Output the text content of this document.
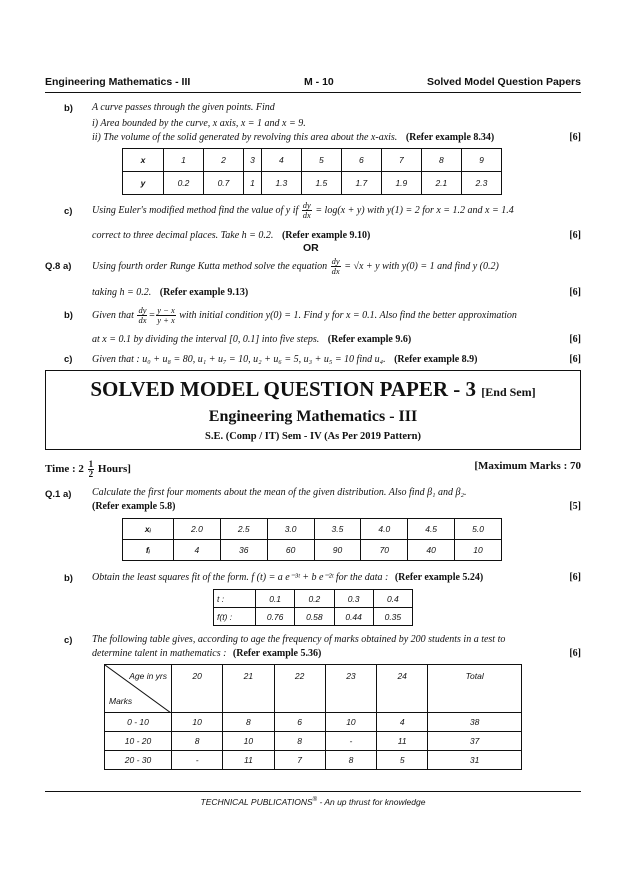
Engineering Mathematics - III	M - 10	Solved Model Question Papers
b) A curve passes through the given points. Find
i) Area bounded by the curve, x axis, x = 1 and x = 9.
ii) The volume of the solid generated by revolving this area about the x-axis. (Refer example 8.34)	[6]
x	1	2	3	4	5	6	7	8	9
y	0.2	0.7	1	1.3	1.5	1.7	1.9	2.1	2.3
c) Using Euler's modified method find the value of y if $\frac{dy}{dx} = \log(x + y)$ with y(1) = 2 for x = 1.2 and x = 1.4
correct to three decimal places. Take h = 0.2. (Refer example 9.10)	[6]
OR
Q.8 a) Using fourth order Runge Kutta method solve the equation $\frac{dy}{dx} = √x + y$ with y(0) = 1 and find y (0.2)
taking h = 0.2. (Refer example 9.13)	[6]
b) Given that $\frac{dy}{dx} = \frac{y - x}{y + x}$ with initial condition y(0) = 1. Find y for x = 0.1. Also find the better approximation
at x = 0.1 by dividing the interval [0, 0.1] into five steps. (Refer example 9.6)	[6]
c) Given that : u₀ + u₈ = 80, u₁ + u₇ = 10, u₂ + u₆ = 5, u₃ + u₅ = 10 find u₄. (Refer example 8.9)	[6]
SOLVED MODEL QUESTION PAPER - 3 [End Sem]
Engineering Mathematics - III
S.E. (Comp / IT) Sem - IV (As Per 2019 Pattern)
Time : $2 \frac{1}{2}$ Hours]	[Maximum Marks : 70
Q.1 a) Calculate the first four moments about the mean of the given distribution. Also find β₁ and β₂.
(Refer example 5.8)	[5]
xᵢ	2.0	2.5	3.0	3.5	4.0	4.5	5.0
fᵢ	4	36	60	90	70	40	10
b) Obtain the least squares fit of the form. f (t) = a e⁻³ᵗ + b e⁻²ᵗ for the data : (Refer example 5.24)	[6]
t :	0.1	0.2	0.3	0.4
f(t) :	0.76	0.58	0.44	0.35
c) The following table gives, according to age the frequency of marks obtained by 200 students in a test to
determine talent in mathematics : (Refer example 5.36)	[6]
Age in yrs
Marks	20	21	22	23	24	Total
0 - 10	10	8	6	10	4	38
10 - 20	8	10	8	-	11	37
20 - 30	-	11	7	8	5	31
TECHNICAL PUBLICATIONS® - An up thrust for knowledge
